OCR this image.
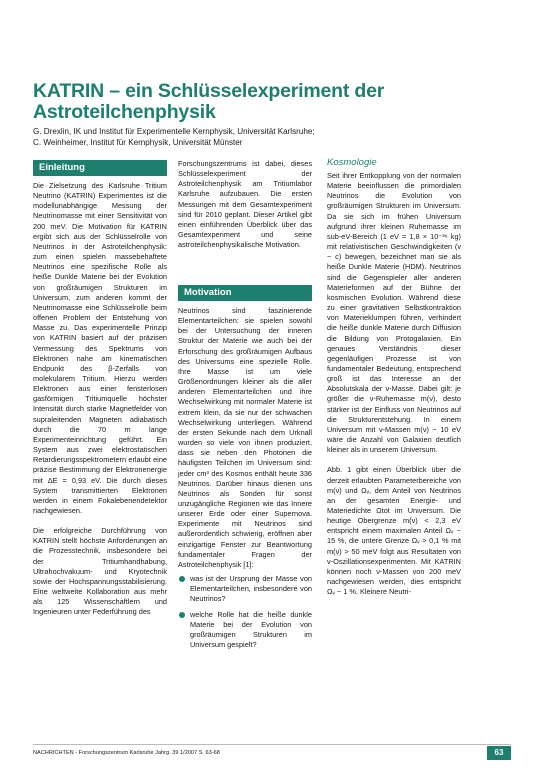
KATRIN – ein Schlüsselexperiment der Astroteilchenphysik
G. Drexlin, IK und Institut für Experimentelle Kernphysik, Universität Karlsruhe;
C. Weinheimer, Institut für Kernphysik, Universität Münster
Einleitung

Die Zielsetzung des Karlsruhe Tritium Neutrino (KATRIN) Experimentes ist die modellunabhängige Messung der Neutrinomasse mit einer Sensitivität von 200 meV. Die Motivation für KATRIN ergibt sich aus der Schlüsselrolle von Neutrinos in der Astroteilchenphysik: zum einen spielen massebehaftete Neutrinos eine spezifische Rolle als heiße Dunkle Materie bei der Evolution von großräumigen Strukturen im Universum, zum anderen kommt der Neutrinomasse eine Schlüsselrolle beim offenen Problem der Entstehung von Masse zu. Das experimentelle Prinzip von KATRIN basiert auf der präzisen Vermessung des Spektrums von Elektronen nahe am kinematischen Endpunkt des β-Zerfalls von molekularem Tritium. Hierzu werden Elektronen aus einer fensterlosen gasförmigen Tritiumquelle höchster Intensität durch starke Magnetfelder von supraleitenden Magneten adiabatisch durch die 70 m lange Experimenteinrichtung geführt. Ein System aus zwei elektrostatischen Retardierungsspektrometern erlaubt eine präzise Bestimmung der Elektronenergie mit ΔE = 0,93 eV. Die durch dieses System transmittierten Elektronen werden in einem Fokalebenendetektor nachgewiesen.

Die erfolgreiche Durchführung von KATRIN stellt höchste Anforderungen an die Prozesstechnik, insbesondere bei der Tritiumhandhabung, Ultrahochvakuum- und Kryotechnik sowie der Hochspannungsstabilisierung. Eine weltweite Kollaboration aus mehr als 125 Wissenschaftlern und Ingenieuren unter Federführung des

Forschungszentrums ist dabei, dieses Schlüsselexperiment der Astroteilchenphysik am Tritiumlabor Karlsruhe aufzubauen. Die ersten Messungen mit dem Gesamtexperiment sind für 2010 geplant. Dieser Artikel gibt einen einführenden Überblick über das Gesamtexperiment und seine astroteilchenphysikalische Motivation.

Motivation

Neutrinos sind faszinierende Elementarteilchen: sie spielen sowohl bei der Untersuchung der inneren Struktur der Materie wie auch bei der Erforschung des großräumigen Aufbaus des Universums eine spezielle Rolle. Ihre Masse ist um viele Größenordnungen kleiner als die aller anderen Elementarteilchen und ihre Wechselwirkung mit normaler Materie ist extrem klein, da sie nur der schwachen Wechselwirkung unterliegen. Während der ersten Sekunde nach dem Urknall wurden so viele von ihnen produziert, dass sie neben den Photonen die häufigsten Teilchen im Universum sind: jeder cm³ des Kosmos enthält heute 336 Neutrinos. Darüber hinaus dienen uns Neutrinos als Sonden für sonst unzugängliche Regionen wie das Innere unserer Erde oder einer Supernova. Experimente mit Neutrinos sind außerordentlich schwierig, eröffnen aber einzigartige Fenster zur Beantwortung fundamentaler Fragen der Astroteilchenphysik [1]:

was ist der Ursprung der Masse von Elementarteilchen, insbesondere von Neutrinos?
welche Rolle hat die heiße dunkle Materie bei der Evolution von großräumigen Strukturen im Universum gespielt?
Kosmologie

Seit ihrer Entkopplung von der normalen Materie beeinflussen die primordialen Neutrinos die Evolution von großräumigen Strukturen im Universum. Da sie sich im frühen Universum aufgrund ihrer kleinen Ruhemasse im sub-eV-Bereich (1 eV = 1,8 × 10⁻³⁶ kg) mit relativistischen Geschwindigkeiten (v ~ c) bewegen, bezeichnet man sie als heiße Dunkle Materie (HDM). Neutrinos sind die Gegenspieler aller anderen Materieformen auf der Bühne der kosmischen Evolution. Während diese zu einer gravitativen Selbstkontraktion von Materieklumpen führen, verhindert die heiße dunkle Materie durch Diffusion die Bildung von Protogalaxien. Ein genaues Verständnis dieser gegenläufigen Prozesse ist von fundamentaler Bedeutung, entsprechend groß ist das Interesse an der Absolutskala der ν-Masse. Dabei gilt: je größer die ν-Ruhemasse m(ν), desto stärker ist der Einfluss von Neutrinos auf die Strukturentstehung. In einem Universum mit ν-Massen m(ν) ~ 10 eV wäre die Anzahl von Galaxien deutlich kleiner als in unserem Universum.

Abb. 1 gibt einen Überblick über die derzeit erlaubten Parameterbereiche von m(ν) und Ωᵥ, dem Anteil von Neutrinos an der gesamten Energie- und Materiedichte Ωtot im Universum. Die heutige Obergrenze m(ν) < 2,3 eV entspricht einem maximalen Anteil Ωᵥ ~ 15 %, die untere Grenze Ωᵥ > 0,1 % mit m(ν) > 50 meV folgt aus Resultaten von ν-Oszillationsexperimenten. Mit KATRIN können noch ν-Massen von 200 meV nachgewiesen werden, dies entspricht Ωᵥ ~ 1 %. Kleinere Neutri-

NACHRICHTEN - Forschungszentrum Karlsruhe Jahrg. 39 1/2007 S. 63-68	63
